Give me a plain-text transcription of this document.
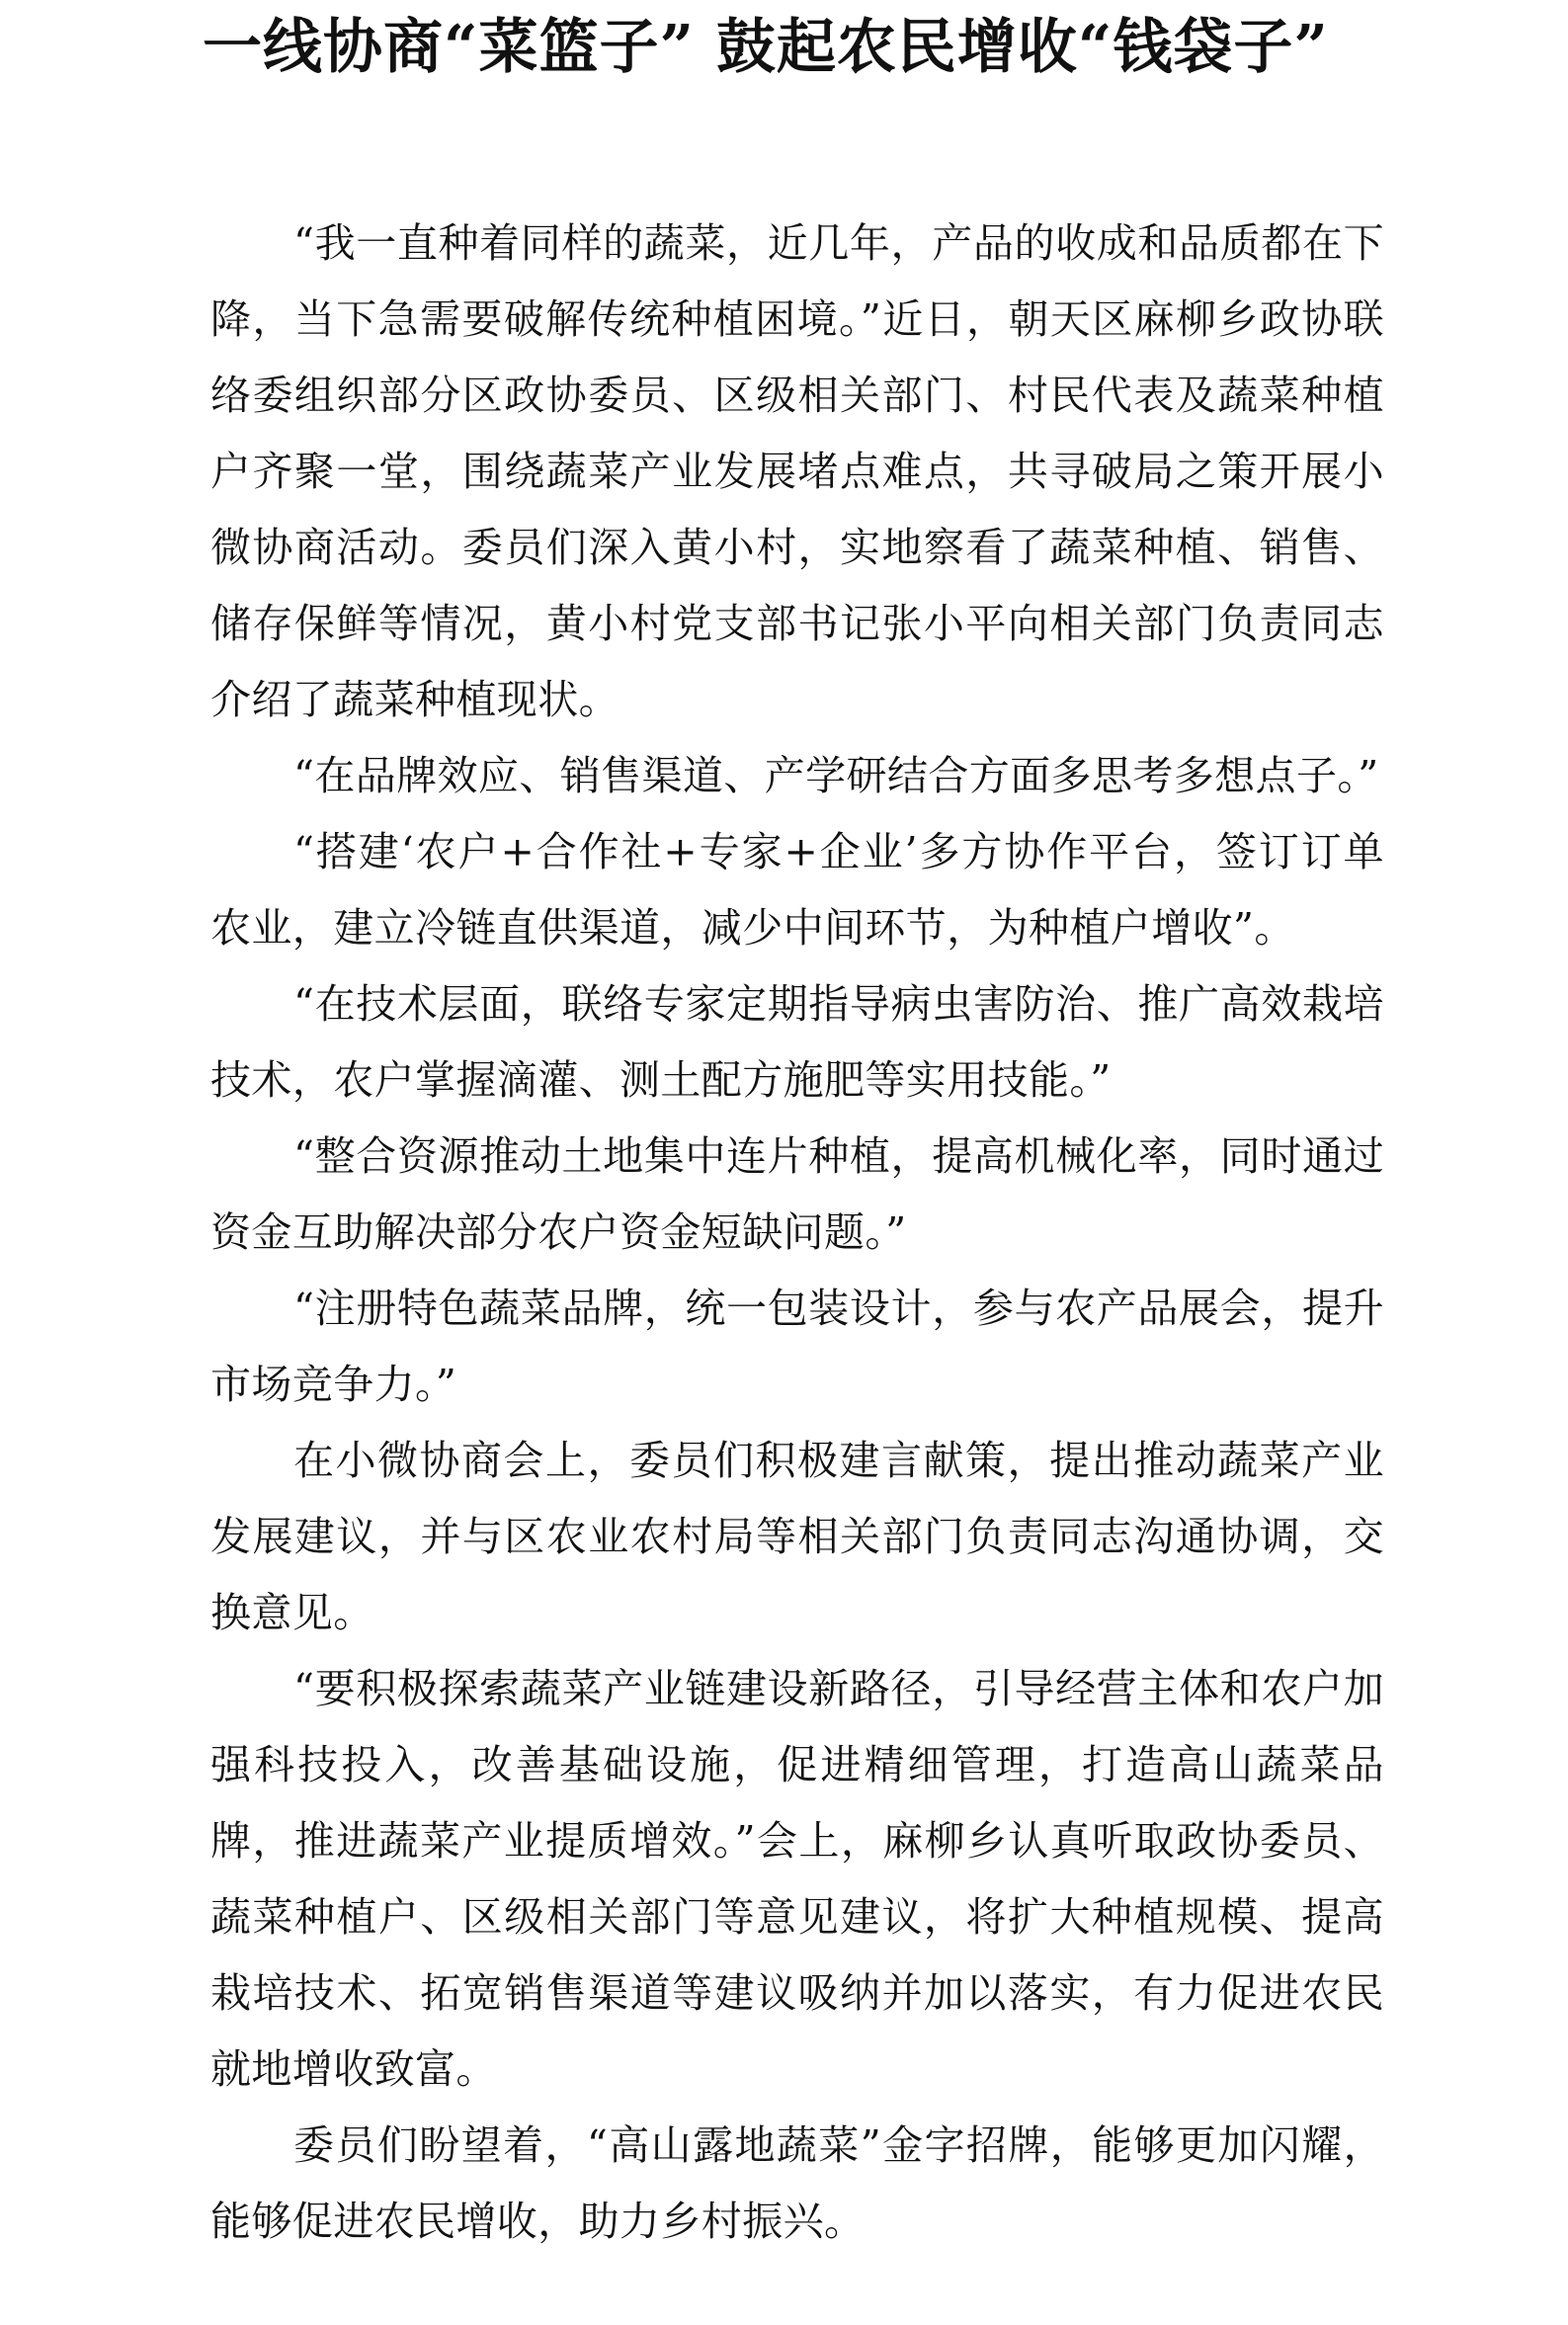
一线协商“菜篮子” 鼓起农民增收“钱袋子”

“我一直种着同样的蔬菜，近几年，产品的收成和品质都在下降，当下急需要破解传统种植困境。”近日，朝天区麻柳乡政协联络委组织部分区政协委员、区级相关部门、村民代表及蔬菜种植户齐聚一堂，围绕蔬菜产业发展堵点难点，共寻破局之策开展小微协商活动。委员们深入黄小村，实地察看了蔬菜种植、销售、储存保鲜等情况，黄小村党支部书记张小平向相关部门负责同志介绍了蔬菜种植现状。

“在品牌效应、销售渠道、产学研结合方面多思考多想点子。”

“搭建‘农户+合作社+专家+企业’多方协作平台，签订订单农业，建立冷链直供渠道，减少中间环节，为种植户增收”。

“在技术层面，联络专家定期指导病虫害防治、推广高效栽培技术，农户掌握滴灌、测土配方施肥等实用技能。”

“整合资源推动土地集中连片种植，提高机械化率，同时通过资金互助解决部分农户资金短缺问题。”

“注册特色蔬菜品牌，统一包装设计，参与农产品展会，提升市场竞争力。”

在小微协商会上，委员们积极建言献策，提出推动蔬菜产业发展建议，并与区农业农村局等相关部门负责同志沟通协调，交换意见。

“要积极探索蔬菜产业链建设新路径，引导经营主体和农户加强科技投入，改善基础设施，促进精细管理，打造高山蔬菜品牌，推进蔬菜产业提质增效。”会上，麻柳乡认真听取政协委员、蔬菜种植户、区级相关部门等意见建议，将扩大种植规模、提高栽培技术、拓宽销售渠道等建议吸纳并加以落实，有力促进农民就地增收致富。

委员们盼望着，“高山露地蔬菜”金字招牌，能够更加闪耀，能够促进农民增收，助力乡村振兴。
